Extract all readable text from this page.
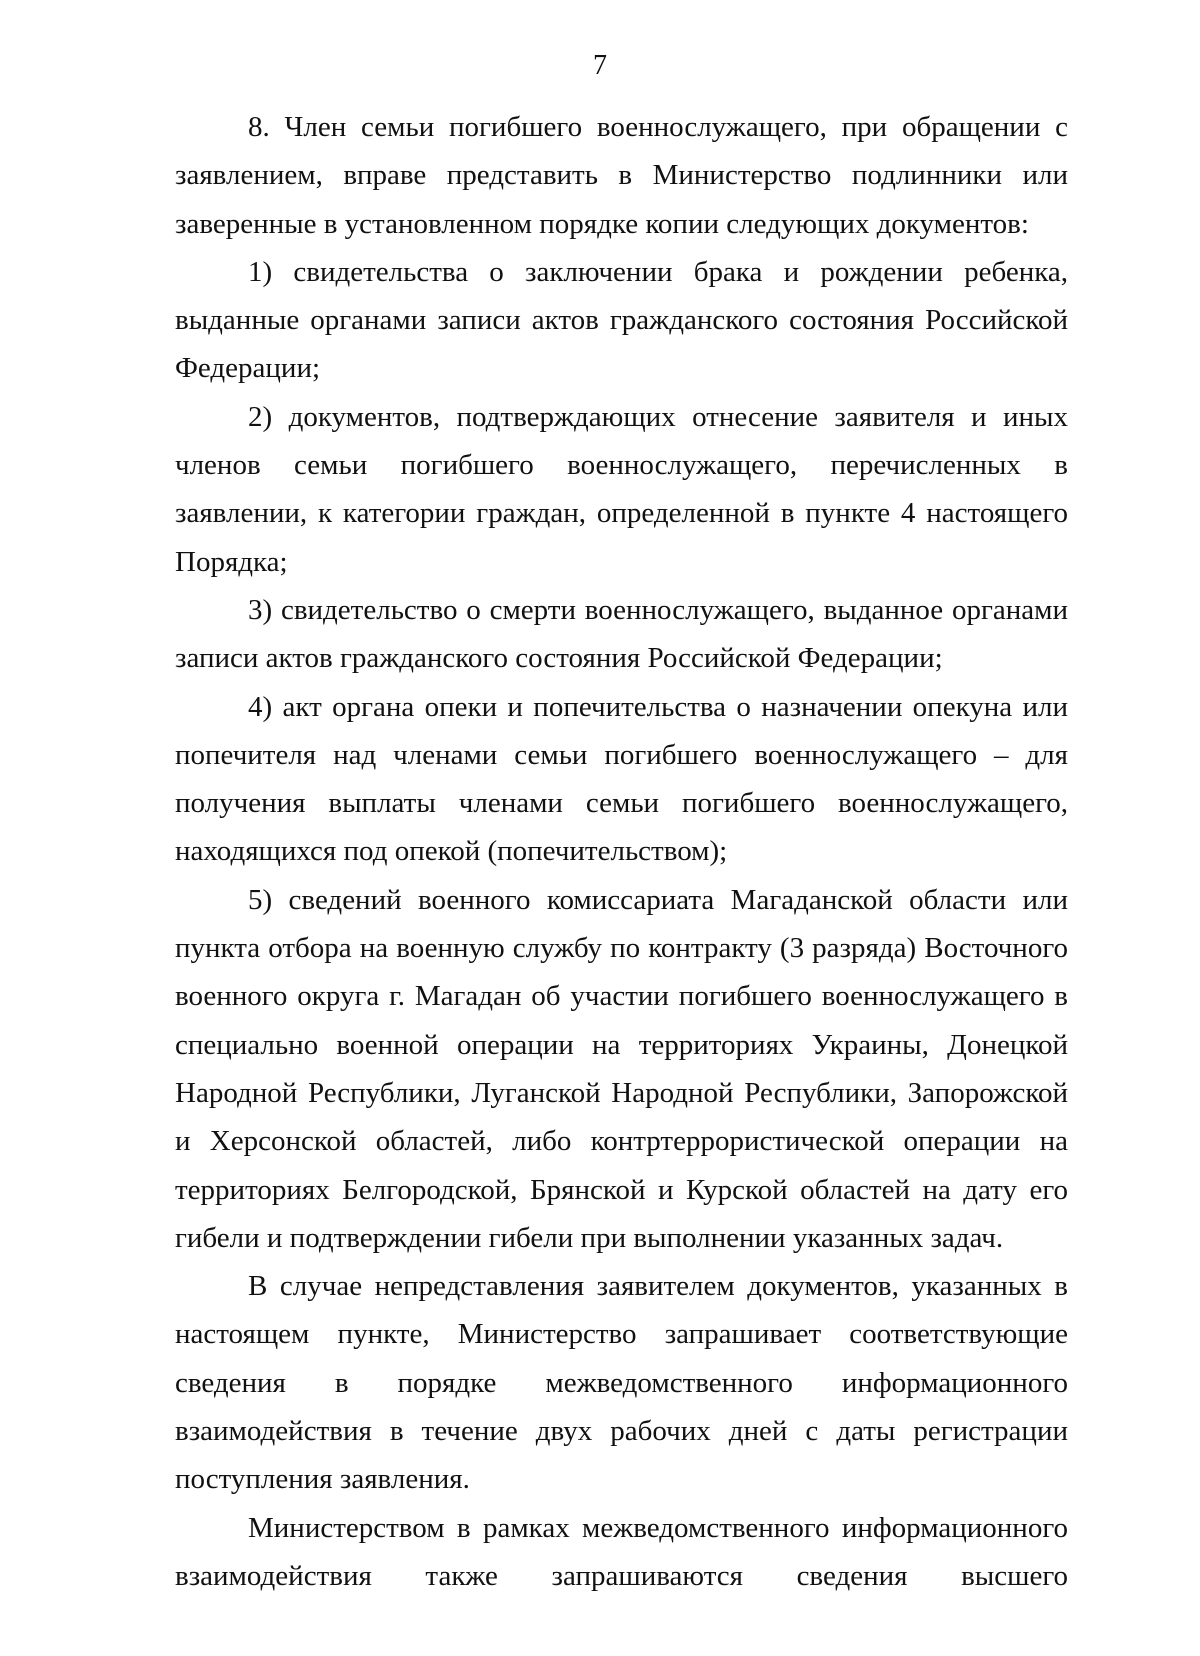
7

8. Член семьи погибшего военнослужащего, при обращении с заявлением, вправе представить в Министерство подлинники или заверенные в установленном порядке копии следующих документов:

1) свидетельства о заключении брака и рождении ребенка, выданные органами записи актов гражданского состояния Российской Федерации;

2) документов, подтверждающих отнесение заявителя и иных членов семьи погибшего военнослужащего, перечисленных в заявлении, к категории граждан, определенной в пункте 4 настоящего Порядка;

3) свидетельство о смерти военнослужащего, выданное органами записи актов гражданского состояния Российской Федерации;

4) акт органа опеки и попечительства о назначении опекуна или попечителя над членами семьи погибшего военнослужащего – для получения выплаты членами семьи погибшего военнослужащего, находящихся под опекой (попечительством);

5) сведений военного комиссариата Магаданской области или пункта отбора на военную службу по контракту (3 разряда) Восточного военного округа г. Магадан об участии погибшего военнослужащего в специально военной операции на территориях Украины, Донецкой Народной Республики, Луганской Народной Республики, Запорожской и Херсонской областей, либо контртеррористической операции на территориях Белгородской, Брянской и Курской областей на дату его гибели и подтверждении гибели при выполнении указанных задач.

В случае непредставления заявителем документов, указанных в настоящем пункте, Министерство запрашивает соответствующие сведения в порядке межведомственного информационного взаимодействия в течение двух рабочих дней с даты регистрации поступления заявления.

Министерством в рамках межведомственного информационного взаимодействия также запрашиваются сведения высшего
